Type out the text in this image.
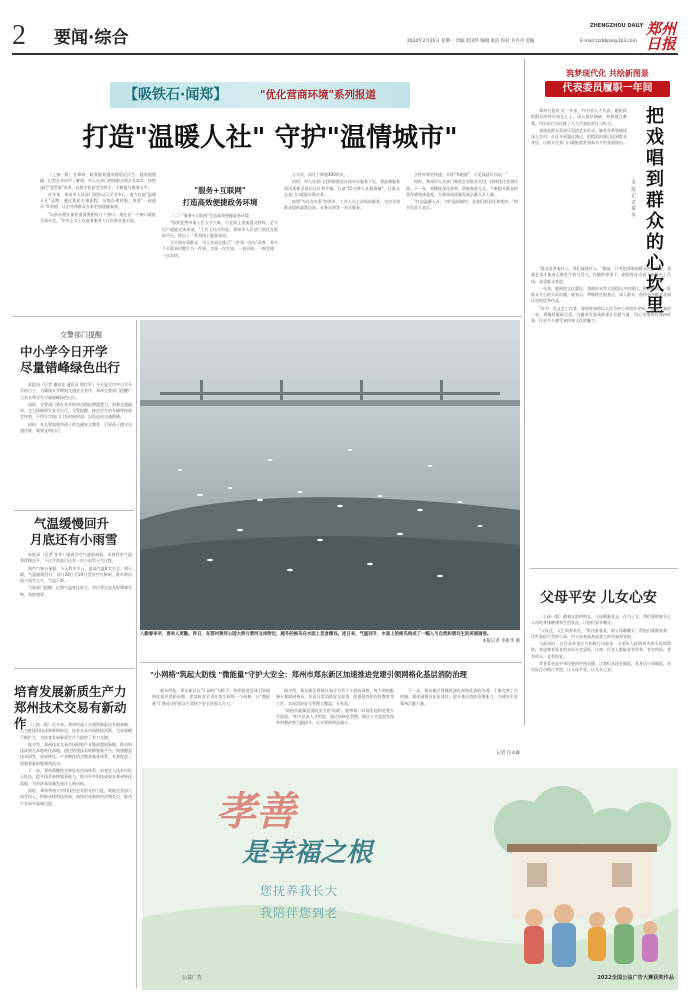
2	要闻·综合	2024年2月26日 星期一 责编 赵国华 编辑 张洁 校对 乔丹丹 美编	E-mail:zzrbbjzx@163.com
ZHENGZHOU DAILY 郑州日报
【吸铁石·闻郑】	"优化营商环境"系列报道
打造"温暖人社" 守护"温情城市"

（上接一版）在郑州，政务服务越来越贴近民生，越来越便捷。记者在采访中了解到，市人社部门围绕群众和企业需求，持续深化"放管服"改革，以数字化转型为抓手，不断提升服务水平。

近年来，郑州市人社部门坚持以人民为中心，着力打造"温暖人社"品牌，通过优化办事流程、压缩办理时限、推进"一网通办"等举措，让企业和群众办事更加便捷高效。

"以前办理社保业务需要跑好几个窗口，现在在一个窗口就能全部办完。"市民王女士在政务服务大厅办理业务后说。

"服务+互联网"
打造高效便捷政务环境

（二）"服务+互联网"打造高效便捷政务环境

"如果您想申请入住人才公寓，可在网上直接提交材料，足不出户就能完成申请。"工作人员介绍说。郑州市人社部门依托互联网平台，推出了一系列线上服务事项。

为方便办事群众，市人社局还推行"一件事一次办"改革，将多个关联事项整合为一件事，实现一次告知、一表申请、一窗受理、一次办结。

万多次，同比下降超400余次。

同时，市人社部门还积极推进社保经办服务下沉，将高频服务事项延伸至基层社区和乡镇，打造"15分钟人社服务圈"，让群众在家门口就能办理业务。

按照"为民办实事"的要求，工作人员主动靠前服务，为企业和群众提供政策咨询、业务办理等一站式服务。

立性申领更快速，实现"零跑腿"、不见面就可办结。"

同时，郑州市人社部门聚焦企业群众关切，持续优化营商环境。下一步，将继续深化改革，创新服务方式，不断提升群众的获得感和满意度，为郑州高质量发展贡献人社力量。

"打造温暖人社，守护温情城市，是我们的责任和使命。"相关负责人表示。

筑梦现代化 共绘新图景
代表委员履职一年间
把戏唱到群众的心坎里
本报记者 秦华

郑州日报讯 近一年来，作为省人大代表，她始终把群众的呼声放在心上，深入基层调研，积极建言献策，用实际行动诠释了人大代表的责任与担当。

戏曲是群众喜闻乐见的艺术形式。她常年带领剧团深入农村、社区开展惠民演出，把精彩的剧目送到群众身边，让群众在家门口就能欣赏到高水平的戏曲演出。

"群众喜欢看什么，我们就演什么。"她说，只有把戏唱到群众的心坎里，戏曲艺术才能真正焕发生机与活力。在她的带领下，剧团每年送戏下乡演出上百场，深受群众欢迎。

一年来，她围绕文化惠民、戏曲传承等方面提出多项建议，推动解决了一批群众关心的实际问题。她表示，将继续扎根基层，深入群众，创作更多群众喜闻乐见的优秀作品。

"作为一名文艺工作者，要始终坚持以人民为中心的创作导向。"她说，新的一年，将继续履职尽责，为繁荣发展戏曲事业贡献力量，用心用情讲好郑州故事，让更多人感受到传统文化的魅力。

父母平安 儿女心安

（上接一版）随着年龄的增长，父母渐渐老去，作为子女，我们要时刻关心父母的身体健康和生活状况，让他们安享晚年。

"父母在，人生尚有来处。"常回家看看，陪父母聊聊天，帮他们做做家务，这些看似平常的小事，对父母来说却是莫大的幸福和安慰。

与此同时，社会各界也应当积极行动起来，为老年人提供更多的关爱和帮助，营造尊老爱老的良好社会氛围，让每一位老人都能老有所养、老有所依、老有所乐、老有所安。

孝老爱亲是中华民族的传统美德。让我们从现在做起，从身边小事做起，用实际行动践行孝道，让父母平安，让儿女心安。

交警部门提醒
中小学今日开学
尽量错峰绿色出行

本报讯（记者 谢成龙 通讯员 郑红军）今天是全市中小学开学的日子，为确保开学期间交通安全有序，郑州交警部门提醒广大家长和学生尽量错峰绿色出行。

届时，交警部门将在各学校周边路段增派警力，加强交通疏导，全力保障师生安全出行。交警提醒，接送学生的车辆要按规定停放，不得在学校门口长时间停留，以免造成交通拥堵。

同时，家长要加强对孩子的交通安全教育，引导孩子遵守交通法规，做到文明出行。

气温缓慢回升
月底还有小雨雪

本报讯（记者 张华）随着冷空气逐渐减弱，本周我市气温将缓慢回升，不过月底前后还有一次小雨雪天气过程。

据市气象台预报，今天我市多云，最高气温8℃左右；明天晴，气温继续回升。预计28日至29日受冷空气影响，我市将出现小雨雪天气，气温下降。

气象部门提醒，近期气温变化较大，市民要注意及时增减衣物，预防感冒。

培育发展新质生产力
郑州技术交易有新动作 （上接一版）近年来，郑州市深入实施创新驱动发展战略，大力推进科技成果转移转化，技术交易市场持续活跃，交易规模不断扩大，为培育发展新质生产力提供了有力支撑。

据介绍，郑州技术交易市场围绕产业链部署创新链，推动科技成果在本地转化落地。通过搭建技术转移服务平台，构建覆盖技术研发、成果转化、产业孵化的全链条服务体系，有效促进了创新要素的集聚和流动。

下一步，郑州将继续完善技术市场体系，培育壮大技术经纪人队伍，提升技术转移服务能力，推动更多科技成果在郑州转化落地，为经济高质量发展注入新动能。

同时，郑州将加大对科技型企业的支持力度，鼓励企业加大研发投入，积极承接科技成果，加快形成新的经济增长点，推动产业向中高端迈进。

入勤春来早，春来人更勤。昨日，在郑州黄河公园大桥与黄河北岸附近，越冬的候鸟在水面上觅食嬉戏。连日来，气温回升，水面上的候鸟构成了一幅人与自然和谐共生的美丽画卷。
本报记者 李新华 摄
"小网格"筑起大防线 "微能量"守护大安全：郑州市郑东新区加速推进党建引领网格化基层消防治理

新年伊始，郑东新区以"小网格"为抓手，持续推进党建引领网格化基层消防治理，把消防安全责任落实到每一个网格，让"微能量"汇聚成守护群众生命财产安全的强大合力。

据介绍，郑东新区将辖区划分为若干个消防网格，每个网格配备专兼职网格员，负责日常消防安全巡查、隐患排查和宣传教育等工作，实现消防安全管理全覆盖、无死角。

"网格员就像是消防安全的'前哨'，能够第一时间发现和处置火灾隐患。"相关负责人介绍说，通过网格化管理，辖区火灾隐患发现率和整改率大幅提升，火灾事故明显减少。

下一步，郑东新区将继续深化网格化消防治理，不断完善工作机制，强化网格员队伍建设，提升基层消防治理能力，为建设平安郑州贡献力量。

记者 汪永森
孝善
是幸福之根
您抚养我长大
我陪伴您到老
公益广告	2022全国公益广告大赛获奖作品
